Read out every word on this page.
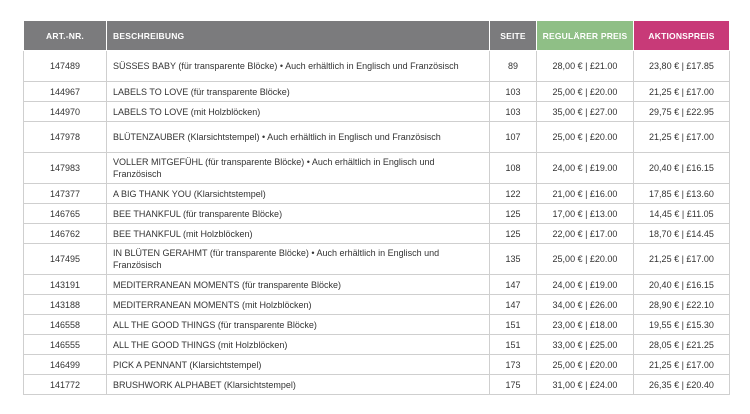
ART.-NR.	BESCHREIBUNG	SEITE	REGULÄRER PREIS	AKTIONSPREIS
147489	SÜSSES BABY (für transparente Blöcke) • Auch erhältlich in Englisch und Französisch	89	28,00 € | £21.00	23,80 € | £17.85
144967	LABELS TO LOVE (für transparente Blöcke)	103	25,00 € | £20.00	21,25 € | £17.00
144970	LABELS TO LOVE (mit Holzblöcken)	103	35,00 € | £27.00	29,75 € | £22.95
147978	BLÜTENZAUBER (Klarsichtstempel) • Auch erhältlich in Englisch und Französisch	107	25,00 € | £20.00	21,25 € | £17.00
147983	VOLLER MITGEFÜHL (für transparente Blöcke) • Auch erhältlich in Englisch und Französisch	108	24,00 € | £19.00	20,40 € | £16.15
147377	A BIG THANK YOU (Klarsichtstempel)	122	21,00 € | £16.00	17,85 € | £13.60
146765	BEE THANKFUL (für transparente Blöcke)	125	17,00 € | £13.00	14,45 € | £11.05
146762	BEE THANKFUL (mit Holzblöcken)	125	22,00 € | £17.00	18,70 € | £14.45
147495	IN BLÜTEN GERAHMT (für transparente Blöcke) • Auch erhältlich in Englisch und Französisch	135	25,00 € | £20.00	21,25 € | £17.00
143191	MEDITERRANEAN MOMENTS (für transparente Blöcke)	147	24,00 € | £19.00	20,40 € | £16.15
143188	MEDITERRANEAN MOMENTS (mit Holzblöcken)	147	34,00 € | £26.00	28,90 € | £22.10
146558	ALL THE GOOD THINGS (für transparente Blöcke)	151	23,00 € | £18.00	19,55 € | £15.30
146555	ALL THE GOOD THINGS (mit Holzblöcken)	151	33,00 € | £25.00	28,05 € | £21.25
146499	PICK A PENNANT (Klarsichtstempel)	173	25,00 € | £20.00	21,25 € | £17.00
141772	BRUSHWORK ALPHABET (Klarsichtstempel)	175	31,00 € | £24.00	26,35 € | £20.40
